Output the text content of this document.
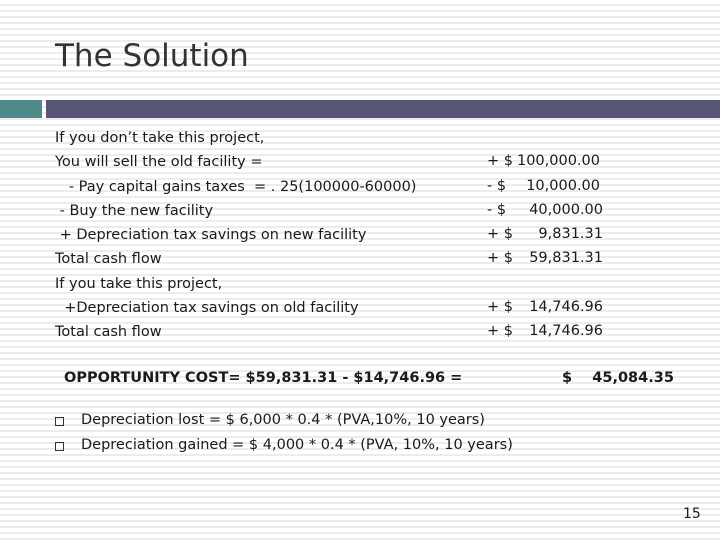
The Solution
If you don’t take this project,
You will sell the old facility =	+ $ 100,000.00
- Pay capital gains taxes  = . 25(100000-60000)	- $	10,000.00
- Buy the new facility	- $	40,000.00
+ Depreciation tax savings on new facility	+ $	9,831.31
Total cash flow	+ $	59,831.31
If you take this project,
+Depreciation tax savings on old facility	+ $	14,746.96
Total cash flow	+ $	14,746.96
OPPORTUNITY COST= $59,831.31 - $14,746.96 =	$    45,084.35
Depreciation lost = $ 6,000 * 0.4 * (PVA,10%, 10 years)
Depreciation gained = $ 4,000 * 0.4 * (PVA, 10%, 10 years)
15
